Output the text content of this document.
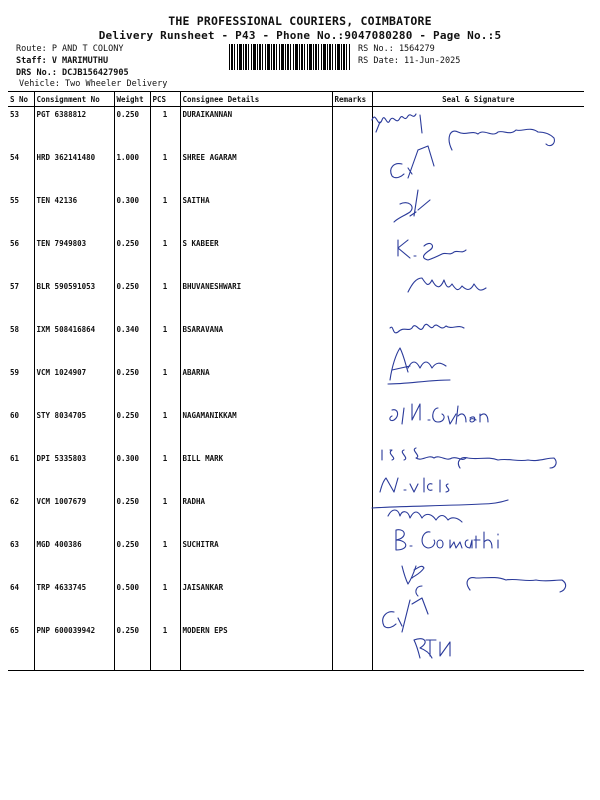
THE PROFESSIONAL COURIERS, COIMBATORE
Delivery Runsheet - P43 - Phone No.:9047080280 - Page No.:5
Route: P AND T COLONY
Staff: V MARIMUTHU
DRS No.: DCJB156427905
Vehicle: Two Wheeler Delivery
RS No.: 1564279
RS Date: 11-Jun-2025
S No	Consignment No	Weight	PCS	Consignee Details	Remarks	Seal & Signature
53	PGT 6388812	0.250	1	DURAIKANNAN		
54	HRD 362141480	1.000	1	SHREE AGARAM		
55	TEN 42136	0.300	1	SAITHA		
56	TEN 7949803	0.250	1	S KABEER		
57	BLR 590591053	0.250	1	BHUVANESHWARI		
58	IXM 508416864	0.340	1	BSARAVANA		
59	VCM 1024907	0.250	1	ABARNA		
60	STY 8034705	0.250	1	NAGAMANIKKAM		
61	DPI 5335803	0.300	1	BILL MARK		
62	VCM 1007679	0.250	1	RADHA		
63	MGD 400386	0.250	1	SUCHITRA		
64	TRP 4633745	0.500	1	JAISANKAR		
65	PNP 600039942	0.250	1	MODERN EPS		
